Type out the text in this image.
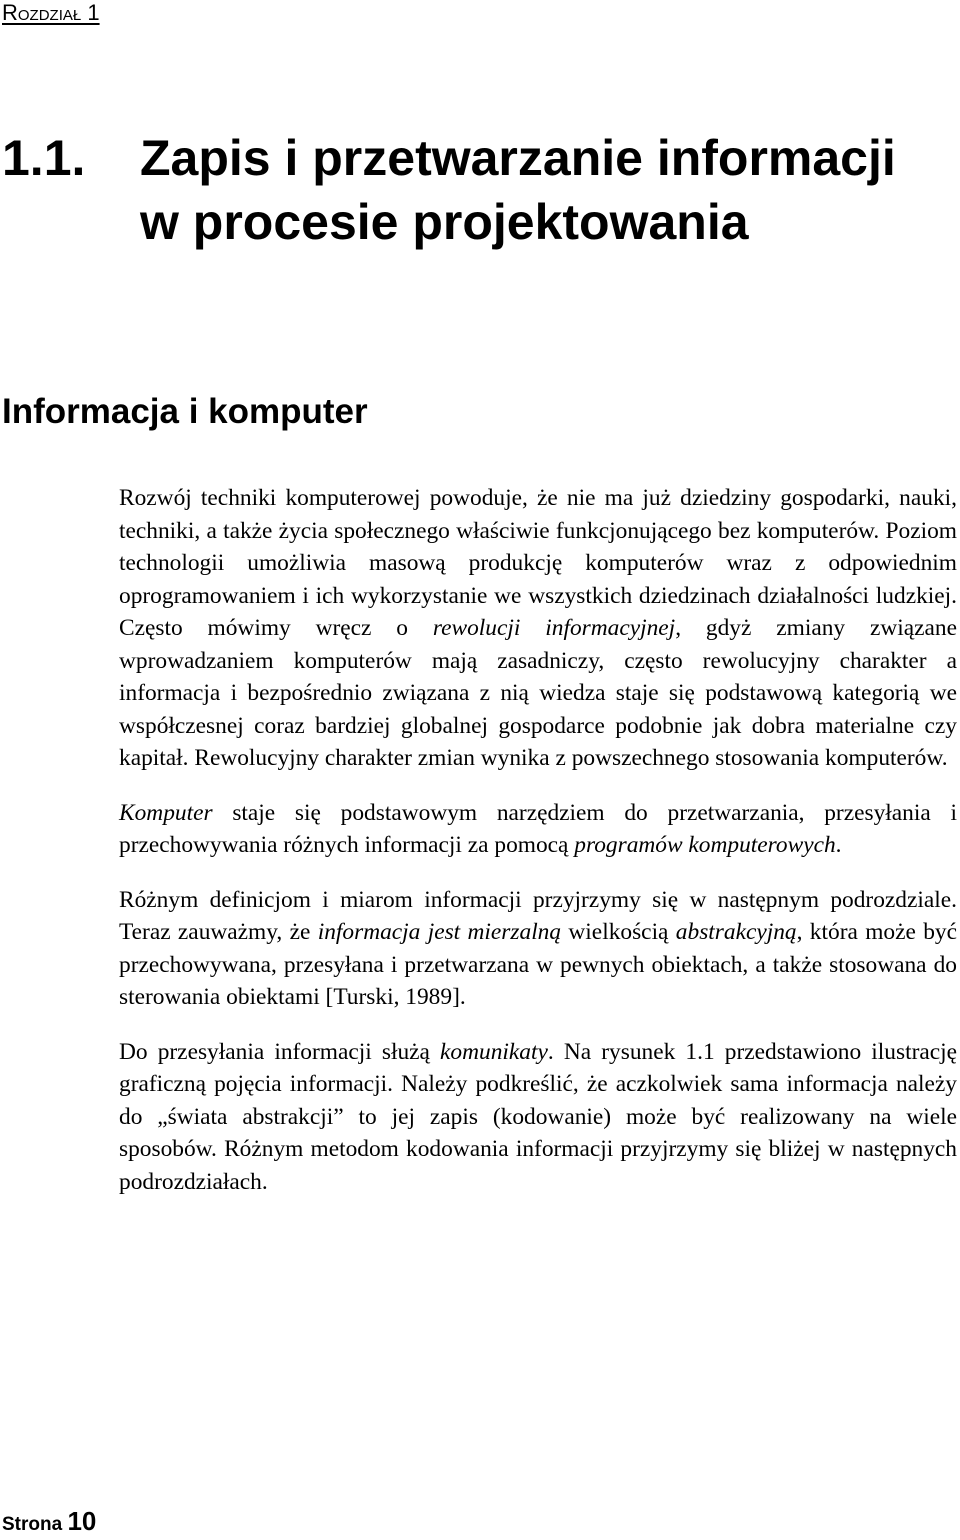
Rozdział 1
1.1.	Zapis i przetwarzanie informacji w procesie projektowania
Informacja i komputer

Rozwój techniki komputerowej powoduje, że nie ma już dziedziny gospodarki, nauki, techniki, a także życia społecznego właściwie funkcjonującego bez komputerów. Poziom technologii umożliwia masową produkcję komputerów wraz z odpowiednim oprogramowaniem i ich wykorzystanie we wszystkich dziedzinach działalności ludzkiej. Często mówimy wręcz o rewolucji informacyjnej, gdyż zmiany związane wprowadzaniem komputerów mają zasadniczy, często rewolucyjny charakter a informacja i bezpośrednio związana z nią wiedza staje się podstawową kategorią we współczesnej coraz bardziej globalnej gospodarce podobnie jak dobra materialne czy kapitał. Rewolucyjny charakter zmian wynika z powszechnego stosowania komputerów.

Komputer staje się podstawowym narzędziem do przetwarzania, przesyłania i przechowywania różnych informacji za pomocą programów komputerowych.

Różnym definicjom i miarom informacji przyjrzymy się w następnym podrozdziale. Teraz zauważmy, że informacja jest mierzalną wielkością abstrakcyjną, która może być przechowywana, przesyłana i przetwarzana w pewnych obiektach, a także stosowana do sterowania obiektami [Turski, 1989].

Do przesyłania informacji służą komunikaty. Na rysunek 1.1 przedstawiono ilustrację graficzną pojęcia informacji. Należy podkreślić, że aczkolwiek sama informacja należy do „świata abstrakcji” to jej zapis (kodowanie) może być realizowany na wiele sposobów. Różnym metodom kodowania informacji przyjrzymy się bliżej w następnych podrozdziałach.

Strona 10
